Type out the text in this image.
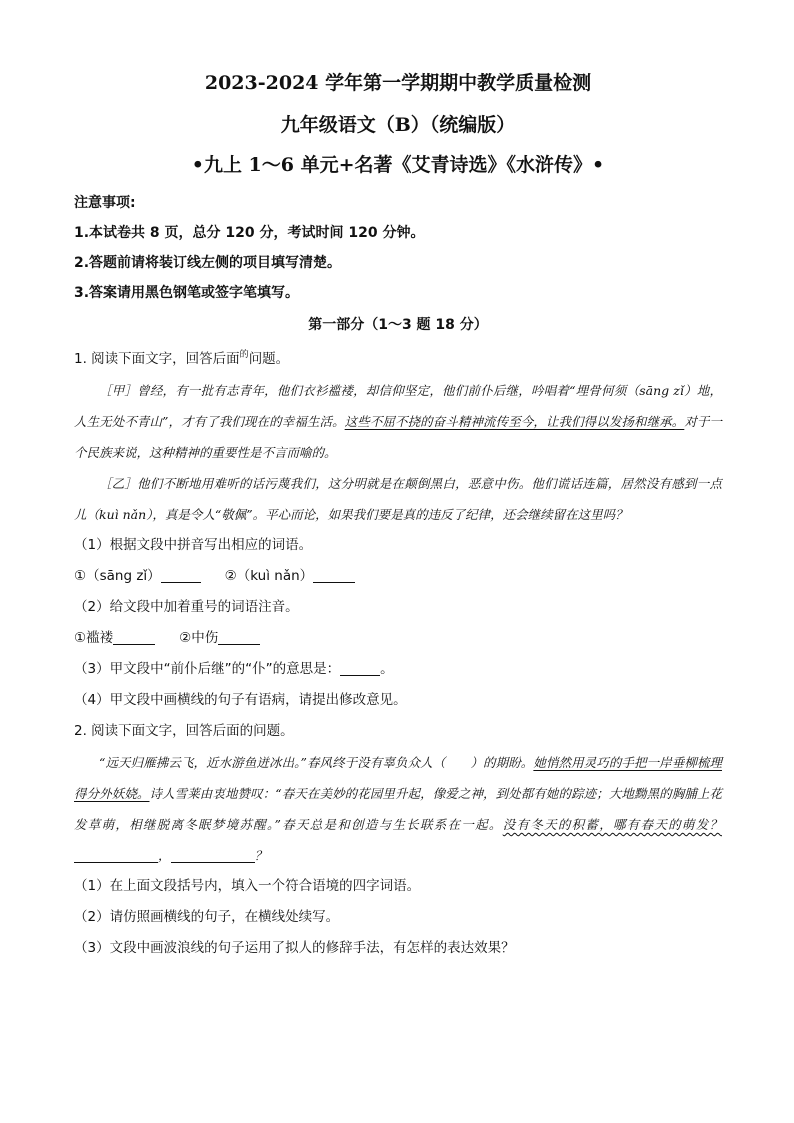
2023-2024 学年第一学期期中教学质量检测

九年级语文（B）（统编版）

•九上 1～6 单元+名著《艾青诗选》《水浒传》•

注意事项:

1.本试卷共 8 页，总分 120 分，考试时间 120 分钟。

2.答题前请将装订线左侧的项目填写清楚。

3.答案请用黑色钢笔或签字笔填写。

第一部分（1～3 题 18 分）

1. 阅读下面文字，回答后面$^的$问题。

［甲］曾经，有一批有志青年，他们衣衫褴褛，却信仰坚定，他们前仆后继，吟唱着“埋骨何须（sāng zǐ）地，人生无处不青山”，才有了我们现在的幸福生活。这些不屈不挠的奋斗精神流传至今，让我们得以发扬和继承。对于一个民族来说，这种精神的重要性是不言而喻的。

［乙］他们不断地用难听的话污蔑我们，这分明就是在颠倒黑白，恶意中伤。他们谎话连篇，居然没有感到一点儿（kuì nǎn），真是令人“敬佩”。平心而论，如果我们要是真的违反了纪律，还会继续留在这里吗？

（1）根据文段中拼音写出相应的词语。

①（sāng zǐ）	②（kuì nǎn）

（2）给文段中加着重号的词语注音。

①褴褛	②中伤

（3）甲文段中“前仆后继”的“仆”的意思是：	。

（4）甲文段中画横线的句子有语病，请提出修改意见。

2. 阅读下面文字，回答后面的问题。

“远天归雁拂云飞，近水游鱼迸冰出。”春风终于没有辜负众人（　　）的期盼。她悄然用灵巧的手把一岸垂柳梳理得分外妖娆。诗人雪莱由衷地赞叹：“春天在美妙的花园里升起，像爱之神，到处都有她的踪迹；大地黝黑的胸脯上花发草萌，相继脱离冬眠梦境苏醒。”春天总是和创造与生长联系在一起。没有冬天的积蓄，哪有春天的萌发？，	？

（1）在上面文段括号内，填入一个符合语境的四字词语。

（2）请仿照画横线的句子，在横线处续写。

（3）文段中画波浪线的句子运用了拟人的修辞手法，有怎样的表达效果？
